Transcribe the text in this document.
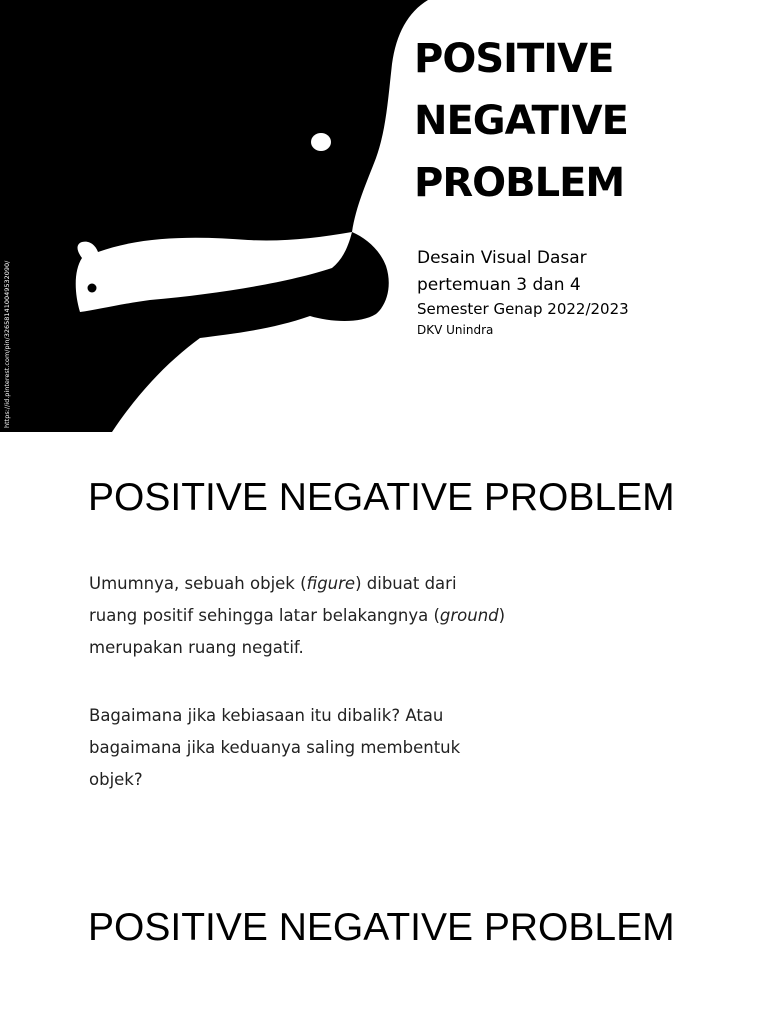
https://id.pinterest.com/pin/326581410049532090/
POSITIVE
NEGATIVE
PROBLEM

Desain Visual Dasar

pertemuan 3 dan 4

Semester Genap 2022/2023

DKV Unindra

POSITIVE NEGATIVE PROBLEM

Umumnya, sebuah objek (figure) dibuat dari ruang positif sehingga latar belakangnya (ground) merupakan ruang negatif.

Bagaimana jika kebiasaan itu dibalik? Atau bagaimana jika keduanya saling membentuk objek?

POSITIVE NEGATIVE PROBLEM
